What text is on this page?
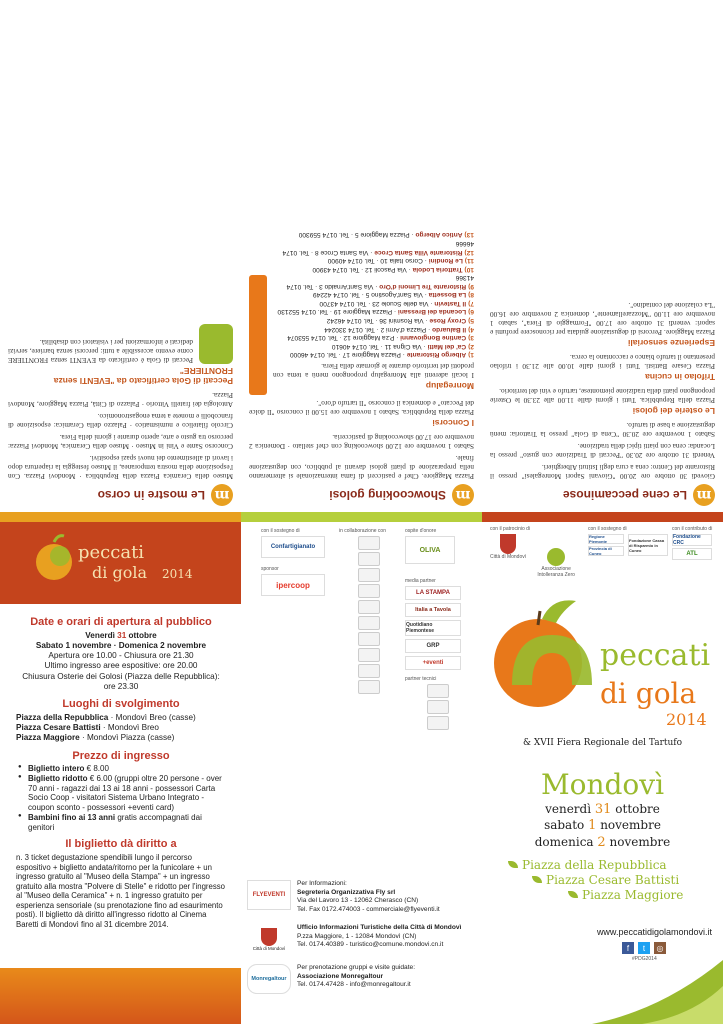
m
Le mostre in corso

Museo della Ceramica Piazza della Repubblica · Mondovì Piazza. Con l'esposizione della mostra temporanea, il Museo festeggia la riapertura dopo i lavori di allestimento dei nuovi spazi espositivi.

Concorso Sante e Vini in Museo · Museo della Ceramica, Mondovì Piazza: percorso tra gusto e arte, aperto durante i giorni della Fiera.

Circolo filatelico e numismatico · Palazzo della Ceramica: esposizione di francobolli e monete a tema enogastronomico.

Antologia dei fratelli Vittorio · Palazzo di Città, Piazza Maggiore, Mondovì Piazza.

Peccati di Gola certificato da "EVENTI senza FRONTIERE"

Peccati di Gola è certificato da EVENTI senza FRONTIERE come evento accessibile a tutti: percorsi senza barriere, servizi dedicati e informazioni per i visitatori con disabilità.

peccati
di gola 2014
Date e orari di apertura al pubblico
Venerdì 31 ottobre
Sabato 1 novembre · Domenica 2 novembre
Apertura ore 10.00 - Chiusura ore 21.30
Ultimo ingresso aree espositive: ore 20.00
Chiusura Osterie dei Golosi (Piazza delle Repubblica): ore 23.30
Luoghi di svolgimento
Piazza della Repubblica · Mondovì Breo (casse)
Piazza Cesare Battisti · Mondovì Breo
Piazza Maggiore · Mondovì Piazza (casse)
Prezzo di ingresso
● Biglietto intero € 8.00
● Biglietto ridotto € 6.00 (gruppi oltre 20 persone - over 70 anni - ragazzi dai 13 ai 18 anni - possessori Carta Socio Coop - visitatori Sistema Urbano Integrato - coupon sconto - possessori +eventi card)
● Bambini fino ai 13 anni gratis accompagnati dai genitori
Il biglietto dà diritto a

n. 3 ticket degustazione spendibili lungo il percorso espositivo + biglietto andata/ritorno per la funicolare + un ingresso gratuito al "Museo della Stampa" + un ingresso gratuito alla mostra "Polvere di Stelle" e ridotto per l'ingresso al "Museo della Ceramica" + n. 1 ingresso gratuito per esperienza sensoriale (su prenotazione fino ad esaurimento posti). Il biglietto dà diritto all'ingresso ridotto al Cinema Baretti di Mondovì fino al 31 dicembre 2014.

m
Showcooking golosi

Piazza Maggiore. Chef e pasticceri di fama internazionale si alterneranno nella preparazione di piatti golosi davanti al pubblico, con degustazione finale.

Sabato 1 novembre ore 12.00 showcooking con chef stellato · Domenica 2 novembre ore 17.00 showcooking di pasticceria.

I Concorsi

Piazza della Repubblica. Sabato 1 novembre ore 15.00 il concorso "Il dolce del Peccato" e domenica il concorso "Il tartufo d'oro".

Monregalup

I locali aderenti alla Monregalup propongono menù a tema con prodotti del territorio durante le giornate della Fiera.

1)Albergo Ristorante · Piazza Maggiore 17 · Tel. 0174 46000
2)Ca' del Matti · Via Cigna 11 · Tel. 0174 40610
3)Cantine Bongiovanni · P.za Maggiore 12 · Tel. 0174 553074
4)Il Baluardo · Piazza d'Armi 2 · Tel. 0174 330244
5)Croxy Rose · Via Rosmini 36 · Tel. 0174 46242
6)Locanda dei Bressani · Piazza Maggiore 19 · Tel. 0174 552130
7)Il Tastevin · Via delle Scuole 23 · Tel. 0174 43700
8)La Bossetta · Via Sant'Agostino 5 · Tel. 0174 42249
9)Ristorante Tre Limoni d'Oro · Via Sant'Arnaldo 3 · Tel. 0174 41366
10)Trattoria Lodola · Via Pascoli 12 · Tel. 0174 43900
11)Le Rondini · Corso Italia 10 · Tel. 0174 40900
12)Ristorante Villa Santa Croce · Via Santa Croce 8 · Tel. 0174 46666
13)Antico Albergo · Piazza Maggiore 5 · Tel. 0174 559300
con il sostegno di
Confartigianato
sponsor
ipercoop
in collaborazione con	ospite d'onore
OLIVA
media partner
LA STAMPA
Italia a Tavola
Quotidiano Piemontese
GRP
+eventi
partner tecnici
FLYEVENTI
Per Informazioni:
Segreteria Organizzativa Fly srl
Via del Lavoro 13 - 12062 Cherasco (CN)
Tel. Fax 0172.474003 - commerciale@flyeventi.it
Città di Mondovì
Ufficio Informazioni Turistiche della Città di Mondovì
P.zza Maggiore, 1 - 12084 Mondovì (CN)
Tel. 0174.40389 - turistico@comune.mondovi.cn.it
Monregaltour
Per prenotazione gruppi e visite guidate:
Associazione Monregaltour
Tel. 0174.47428 - info@monregaltour.it
m
Le cene peccaminose

Giovedì 30 ottobre ore 20.00 "Giovani Sapori Monregalesi" presso il Ristorante del Centro: cena a cura degli Istituti Alberghieri.

Venerdì 31 ottobre ore 20.30 "Peccati di Tradizione con gusto" presso la Locanda: cena con piatti tipici della tradizione.

Sabato 1 novembre ore 20.30 "Cena di Gola" presso la Trattoria: menù degustazione a base di tartufo.

Le osterie dei golosi

Piazza della Repubblica. Tutti i giorni dalle 11.00 alle 23.30 le Osterie propongono piatti della tradizione piemontese, tartufo e vini del territorio.

Trifolao in cucina

Piazza Cesare Battisti. Tutti i giorni dalle 10.00 alle 21.30 i trifolao presentano il tartufo bianco e raccontano la cerca.

Esperienze sensoriali

Piazza Maggiore. Percorsi di degustazione guidata per riconoscere profumi e sapori: venerdì 31 ottobre ore 17.00 "Formaggio di Fiera", sabato 1 novembre ore 11.00 "Mozzarellamente", domenica 2 novembre ore 16.00 "La colazione del contadino".

con il patrocinio di
Città di Mondovì
Associazione Intolleranza Zero
con il sostegno di
Regione Piemonte
Provincia di Cuneo
Fondazione Cassa di Risparmio in Cuneo
con il contributo di
Fondazione CRC
ATL
peccati
di gola
2014
& XVII Fiera Regionale del Tartufo
Mondovì
venerdì 31 ottobre
sabato 1 novembre
domenica 2 novembre
Piazza della Repubblica
Piazza Cesare Battisti
Piazza Maggiore
www.peccatidigolamondovi.it
f	t	◎
#PDG2014
